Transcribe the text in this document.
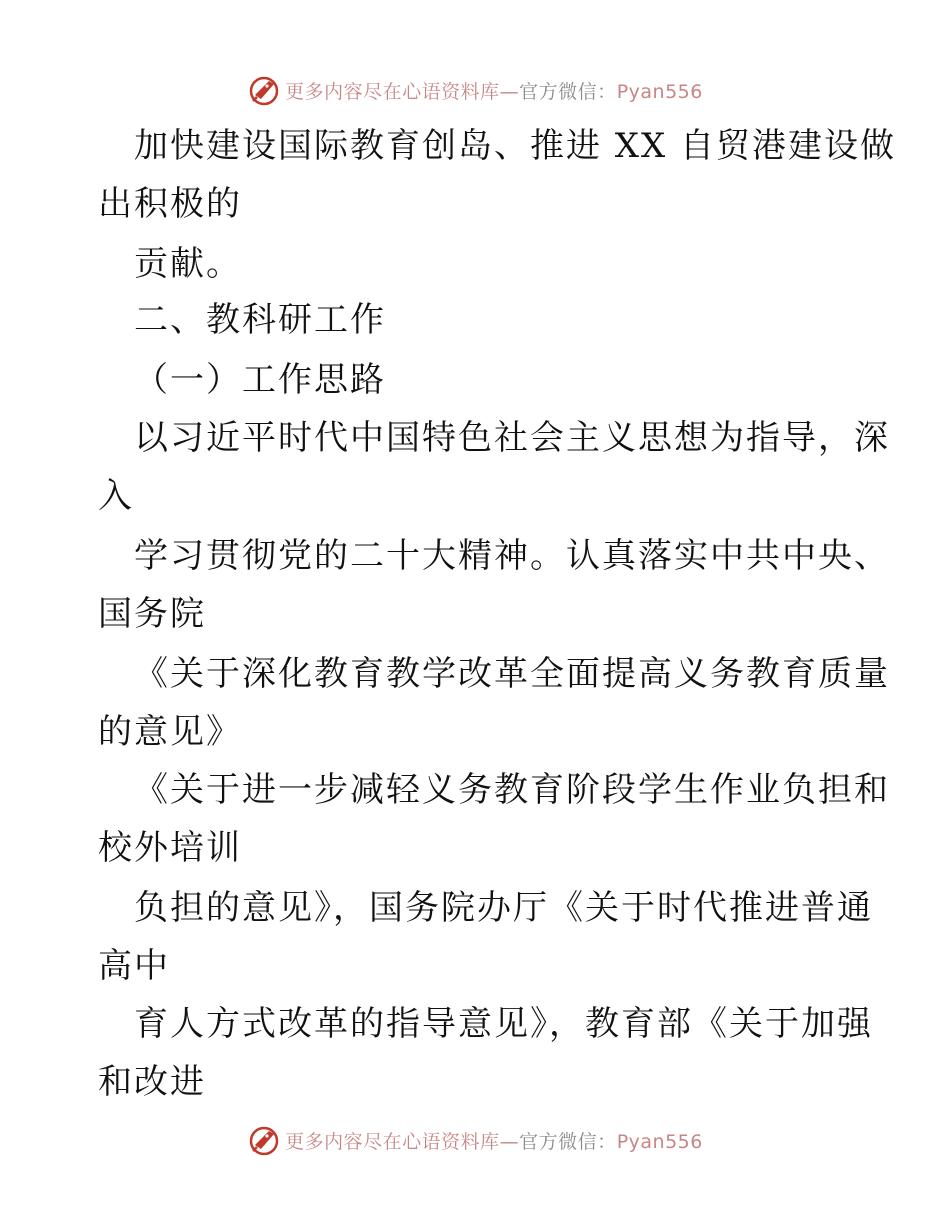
更多内容尽在心语资料库—官方微信：Pyan556
加快建设国际教育创岛、推进 XX 自贸港建设做
出积极的
贡献。
二、教科研工作
（一）工作思路
以习近平时代中国特色社会主义思想为指导，深
入
学习贯彻党的二十大精神。认真落实中共中央、
国务院
《关于深化教育教学改革全面提高义务教育质量
的意见》
《关于进一步减轻义务教育阶段学生作业负担和
校外培训
负担的意见》，国务院办厅《关于时代推进普通
高中
育人方式改革的指导意见》，教育部《关于加强
和改进
更多内容尽在心语资料库—官方微信：Pyan556
